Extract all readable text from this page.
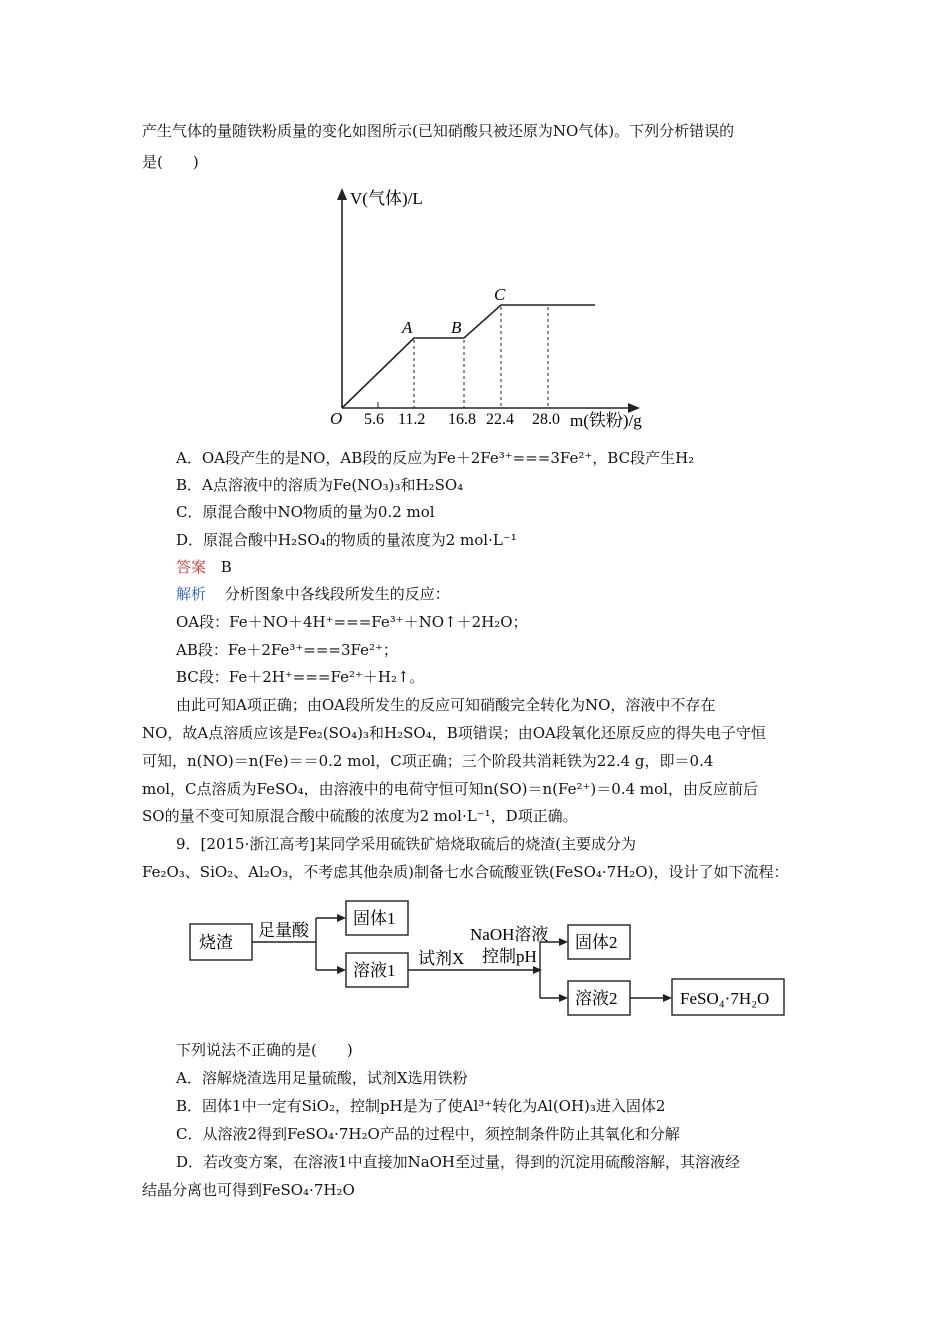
产生气体的量随铁粉质量的变化如图所示(已知硝酸只被还原为NO气体)。下列分析错误的
是(　　)
V(气体)/L
O
A B
C
5.6 11.2 16.8 22.4 28.0 m(铁粉)/g
A．OA段产生的是NO，AB段的反应为Fe＋2Fe³⁺===3Fe²⁺，BC段产生H₂
B．A点溶液中的溶质为Fe(NO₃)₃和H₂SO₄
C．原混合酸中NO物质的量为0.2 mol
D．原混合酸中H₂SO₄的物质的量浓度为2 mol·L⁻¹
答案 B
解析 分析图象中各线段所发生的反应：
OA段：Fe＋NO＋4H⁺===Fe³⁺＋NO↑＋2H₂O；
AB段：Fe＋2Fe³⁺===3Fe²⁺；
BC段：Fe＋2H⁺===Fe²⁺＋H₂↑。
由此可知A项正确；由OA段所发生的反应可知硝酸完全转化为NO，溶液中不存在
NO，故A点溶质应该是Fe₂(SO₄)₃和H₂SO₄，B项错误；由OA段氧化还原反应的得失电子守恒
可知，n(NO)＝n(Fe)＝＝0.2 mol，C项正确；三个阶段共消耗铁为22.4 g，即＝0.4
mol，C点溶质为FeSO₄，由溶液中的电荷守恒可知n(SO)＝n(Fe²⁺)＝0.4 mol，由反应前后
SO的量不变可知原混合酸中硫酸的浓度为2 mol·L⁻¹，D项正确。
9．[2015·浙江高考]某同学采用硫铁矿焙烧取硫后的烧渣(主要成分为
Fe₂O₃、SiO₂、Al₂O₃，不考虑其他杂质)制备七水合硫酸亚铁(FeSO₄·7H₂O)，设计了如下流程：
烧渣
足量酸
固体1
溶液1
试剂X
NaOH溶液
控制pH
固体2
溶液2	FeSO₄·7H₂O
下列说法不正确的是(　　)
A．溶解烧渣选用足量硫酸，试剂X选用铁粉
B．固体1中一定有SiO₂，控制pH是为了使Al³⁺转化为Al(OH)₃进入固体2
C．从溶液2得到FeSO₄·7H₂O产品的过程中，须控制条件防止其氧化和分解
D．若改变方案，在溶液1中直接加NaOH至过量，得到的沉淀用硫酸溶解，其溶液经
结晶分离也可得到FeSO₄·7H₂O
